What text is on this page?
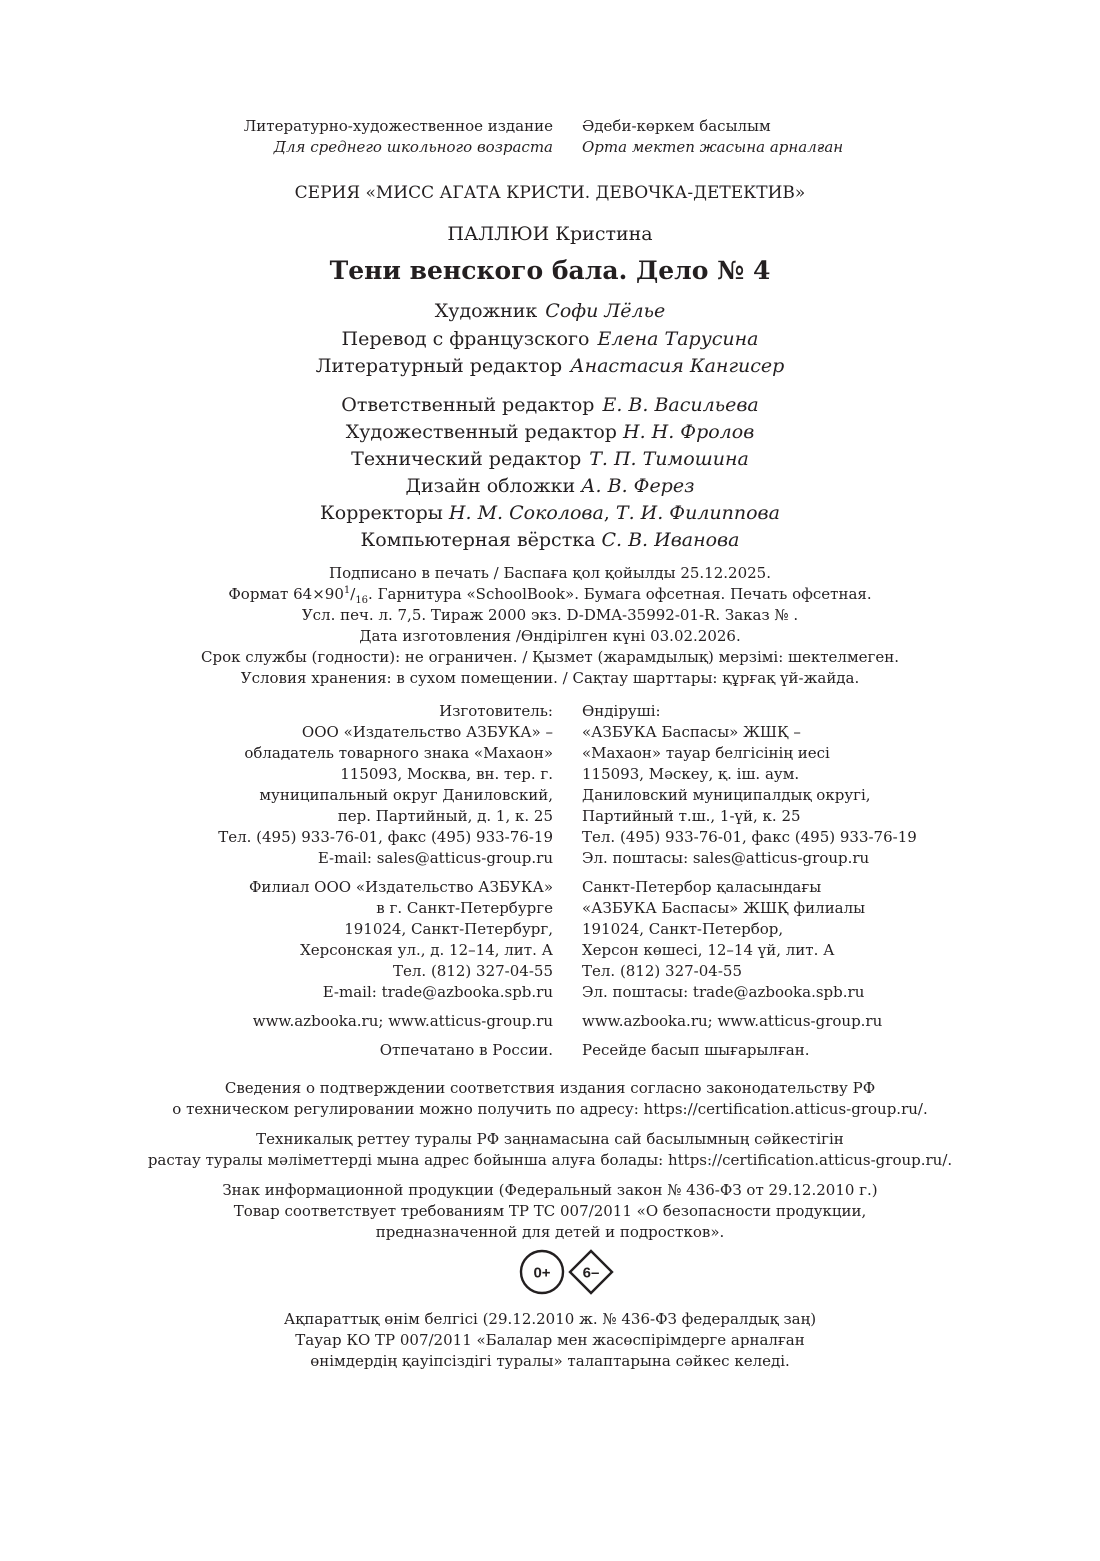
Литературно-художественное издание Әдеби-көркем басылым
Для среднего школьного возраста Орта мектеп жасына арналған
СЕРИЯ «МИСС АГАТА КРИСТИ. ДЕВОЧКА-ДЕТЕКТИВ»
ПАЛЛЮИ Кристина
Тени венского бала. Дело № 4
Художник Софи Лёлье
Перевод с французского Елена Тарусина
Литературный редактор Анастасия Кангисер
Ответственный редактор Е. В. Васильева
Художественный редактор Н. Н. Фролов
Технический редактор Т. П. Тимошина
Дизайн обложки А. В. Ферез
Корректоры Н. М. Соколова, Т. И. Филиппова
Компьютерная вёрстка С. В. Иванова
Подписано в печать / Баспаға қол қойылды 25.12.2025.
Формат $64\times 90^1/_{16}$. Гарнитура «SchoolBook». Бумага офсетная. Печать офсетная.
Усл. печ. л. 7,5. Тираж 2000 экз. D-DMA-35992-01-R. Заказ № .
Дата изготовления /Өндірілген күні 03.02.2026.
Срок службы (годности): не ограничен. / Қызмет (жарамдылық) мерзімі: шектелмеген.
Условия хранения: в сухом помещении. / Сақтау шарттары: құрғақ үй-жайда.
Изготовитель:
ООО «Издательство АЗБУКА» –
обладатель товарного знака «Махаон»
115093, Москва, вн. тер. г.
муниципальный округ Даниловский,
пер. Партийный, д. 1, к. 25
Тел. (495) 933-76-01, факс (495) 933-76-19
E-mail: sales@atticus-group.ru
Өндіруші:
«АЗБУКА Баспасы» ЖШҚ –
«Махаон» тауар белгісінің иесі
115093, Мәскеу, қ. іш. аум.
Даниловский муниципалдық округі,
Партийный т.ш., 1-үй, к. 25
Тел. (495) 933-76-01, факс (495) 933-76-19
Эл. поштасы: sales@atticus-group.ru
Филиал ООО «Издательство АЗБУКА»
в г. Санкт-Петербурге
191024, Санкт-Петербург,
Херсонская ул., д. 12–14, лит. А
Тел. (812) 327-04-55
E-mail: trade@azbooka.spb.ru
Санкт-Петербор қаласындағы
«АЗБУКА Баспасы» ЖШҚ филиалы
191024, Санкт-Петербор,
Херсон көшесі, 12–14 үй, лит. А
Тел. (812) 327-04-55
Эл. поштасы: trade@azbooka.spb.ru
www.azbooka.ru; www.atticus-group.ru www.azbooka.ru; www.atticus-group.ru
Отпечатано в России. Ресейде басып шығарылған.
Сведения о подтверждении соответствия издания согласно законодательству РФ
о техническом регулировании можно получить по адресу: https://certification.atticus-group.ru/.
Техникалық реттеу туралы РФ заңнамасына сай басылымның сәйкестігін
растау туралы мәліметтерді мына адрес бойынша алуға болады: https://certification.atticus-group.ru/.
Знак информационной продукции (Федеральный закон № 436-ФЗ от 29.12.2010 г.)
Товар соответствует требованиям ТР ТС 007/2011 «О безопасности продукции,
предназначенной для детей и подростков».
0+ 6–
Ақпараттық өнім белгісі (29.12.2010 ж. № 436-ФЗ федералдық заң)
Тауар КО ТР 007/2011 «Балалар мен жасөспірімдерге арналған
өнімдердің қауіпсіздігі туралы» талаптарына сәйкес келеді.
